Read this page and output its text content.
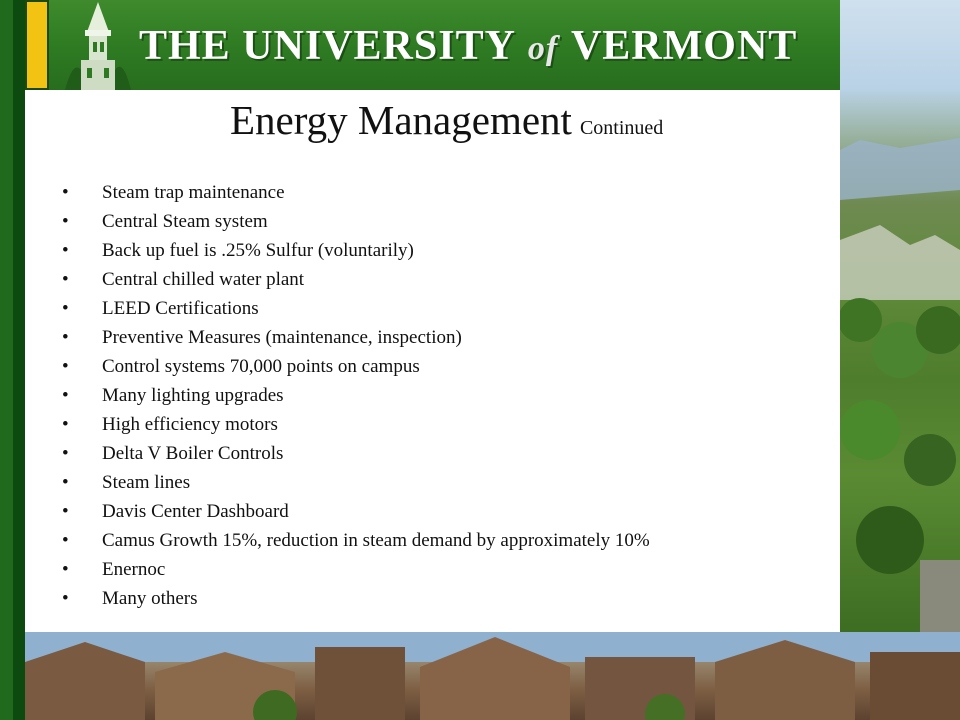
THE UNIVERSITY of VERMONT
Energy Management Continued
• Steam trap maintenance
• Central Steam system
• Back up fuel is .25% Sulfur (voluntarily)
• Central chilled water plant
• LEED Certifications
• Preventive Measures (maintenance, inspection)
• Control systems 70,000 points on campus
• Many lighting upgrades
• High efficiency motors
• Delta V Boiler Controls
• Steam lines
• Davis Center Dashboard
• Camus Growth 15%, reduction in steam demand by approximately 10%
• Enernoc
• Many others
